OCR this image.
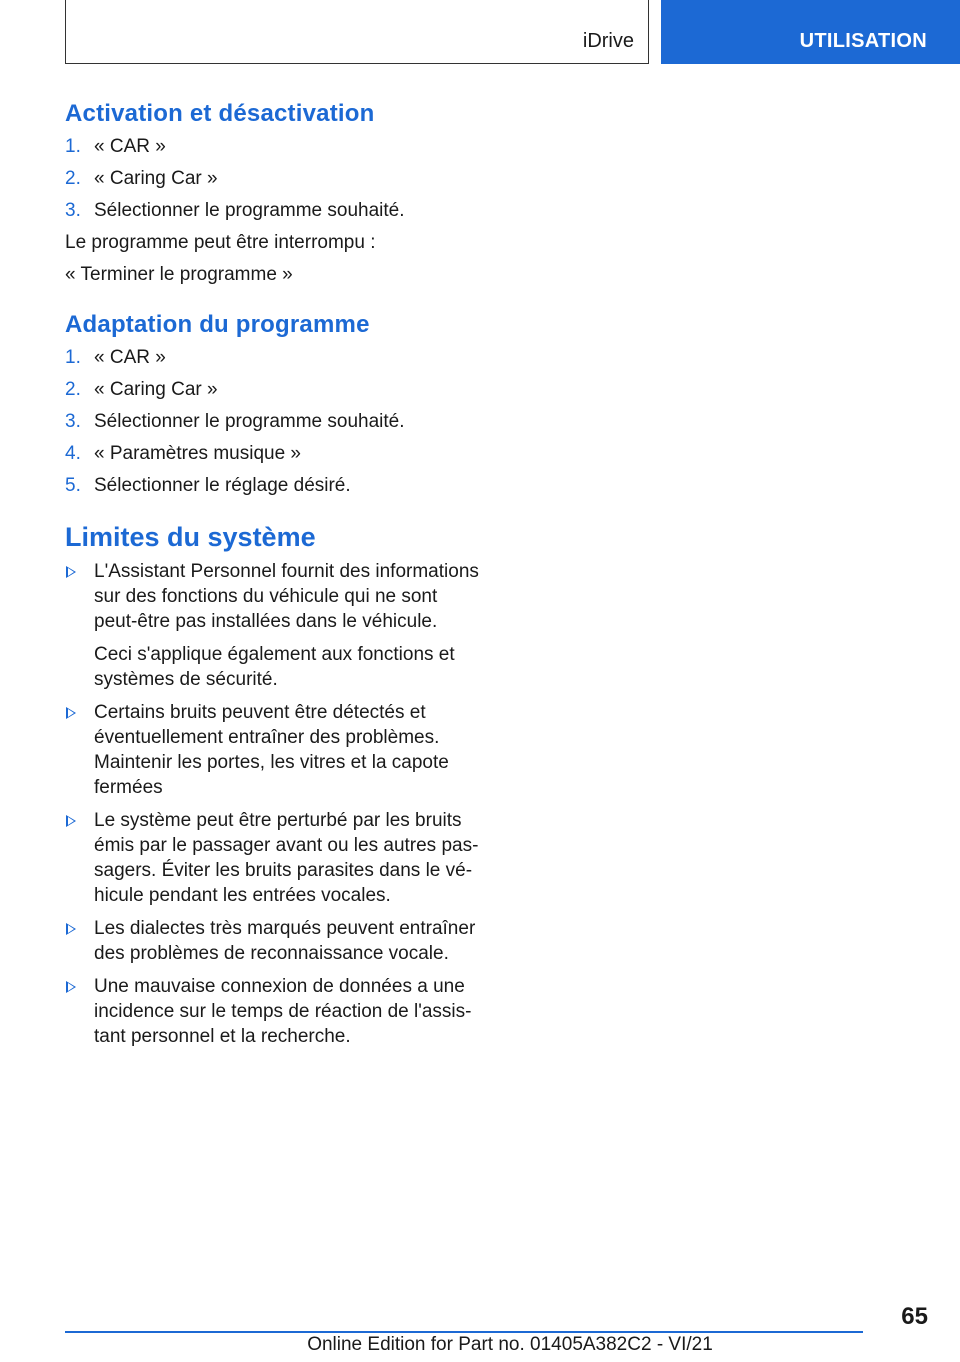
iDrive	UTILISATION
Activation et désactivation
1. « CAR »
2. « Caring Car »
3. Sélectionner le programme souhaité.
Le programme peut être interrompu :
« Terminer le programme »
Adaptation du programme
1. « CAR »
2. « Caring Car »
3. Sélectionner le programme souhaité.
4. « Paramètres musique »
5. Sélectionner le réglage désiré.
Limites du système

L'Assistant Personnel fournit des informations sur des fonctions du véhicule qui ne sont peut-être pas installées dans le véhicule.

Ceci s'applique également aux fonctions et systèmes de sécurité.

Certains bruits peuvent être détectés et éventuellement entraîner des problèmes. Maintenir les portes, les vitres et la capote fermées

Le système peut être perturbé par les bruits émis par le passager avant ou les autres passagers. Éviter les bruits parasites dans le véhicule pendant les entrées vocales.

Les dialectes très marqués peuvent entraîner des problèmes de reconnaissance vocale.

Une mauvaise connexion de données a une incidence sur le temps de réaction de l'assistant personnel et la recherche.

65
Online Edition for Part no. 01405A382C2 - VI/21
